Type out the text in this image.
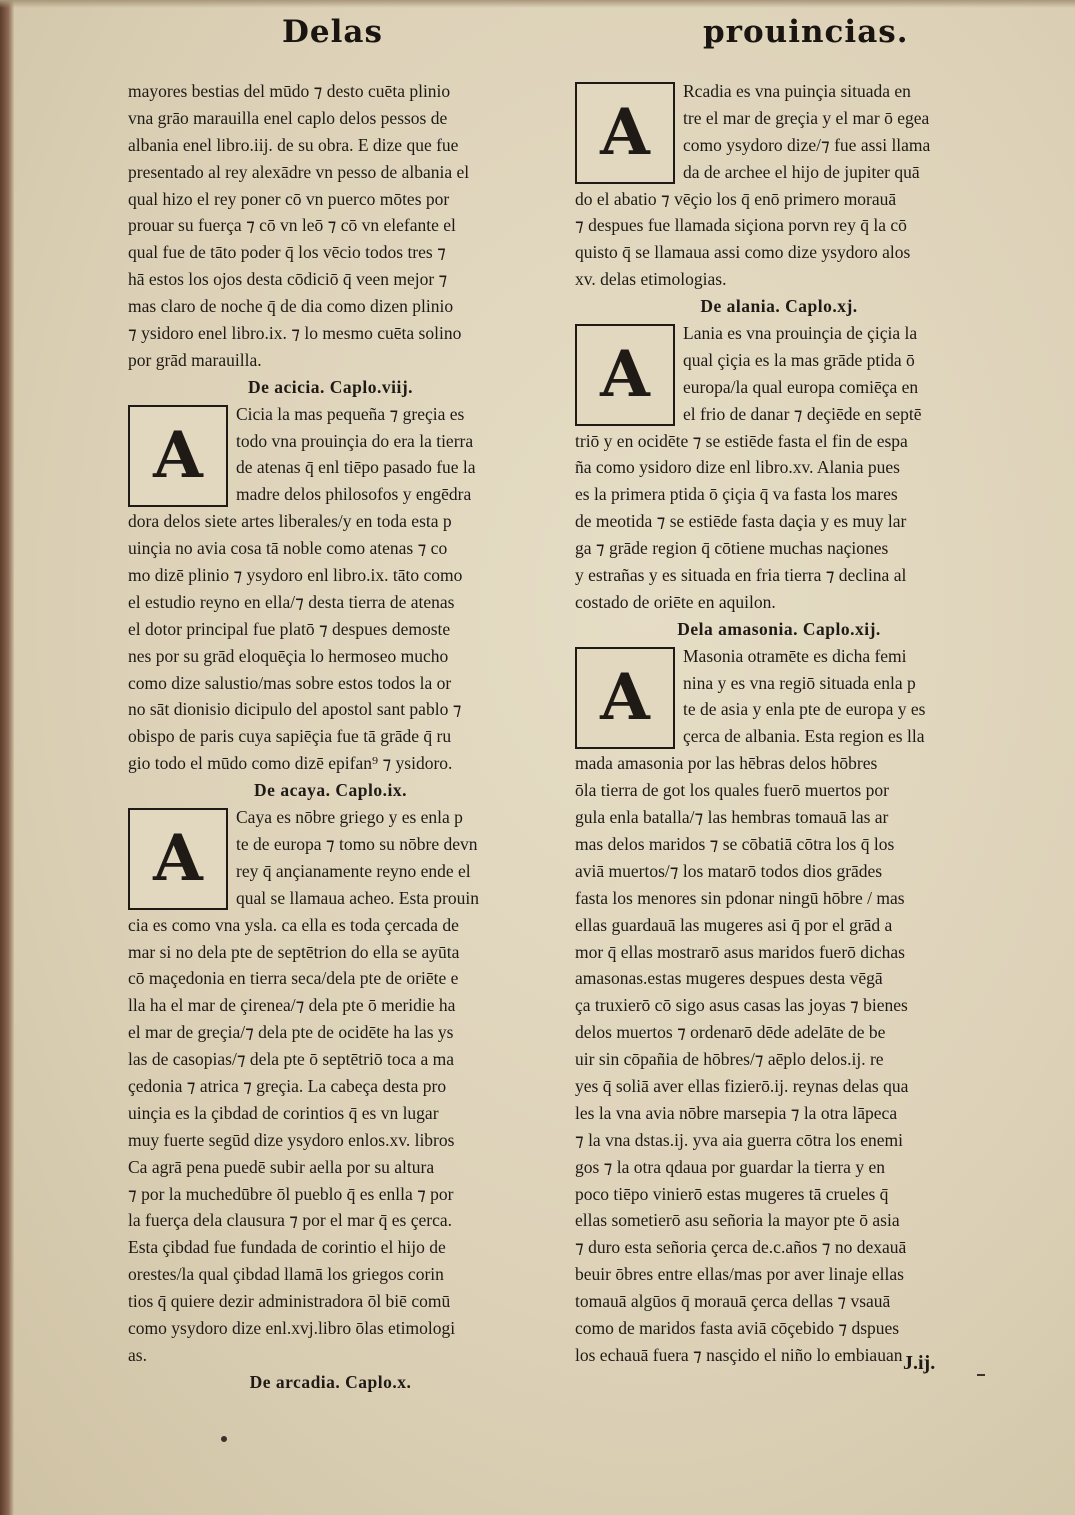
Delas	prouincias.
mayores bestias del mūdo ⁊ desto cuēta plinio
vna grāo marauilla enel caplo delos pessos de
albania enel libro.iij. de su obra. E dize que fue
presentado al rey alexādre vn pesso de albania el
qual hizo el rey poner cō vn puerco mōtes por
prouar su fuerça ⁊ cō vn leō ⁊ cō vn elefante el
qual fue de tāto poder q̄ los vēcio todos tres ⁊
hā estos los ojos desta cōdiciō q̄ veen mejor ⁊
mas claro de noche q̄ de dia como dizen plinio
⁊ ysidoro enel libro.ix. ⁊ lo mesmo cuēta solino
por grād marauilla.
De acicia. Caplo.viij.
A
Cicia la mas pequeña ⁊ greçia es
todo vna prouinçia do era la tierra
de atenas q̄ enl tiēpo pasado fue la
madre delos philosofos y engēdra
dora delos siete artes liberales/y en toda esta p
uinçia no avia cosa tā noble como atenas ⁊ co
mo dizē plinio ⁊ ysydoro enl libro.ix. tāto como
el estudio reyno en ella/⁊ desta tierra de atenas
el dotor principal fue platō ⁊ despues demoste
nes por su grād eloquēçia lo hermoseo mucho
como dize salustio/mas sobre estos todos la or
no sāt dionisio dicipulo del apostol sant pablo ⁊
obispo de paris cuya sapiēçia fue tā grāde q̄ ru
gio todo el mūdo como dizē epifan⁹ ⁊ ysidoro.
De acaya. Caplo.ix.
A
Caya es nōbre griego y es enla p
te de europa ⁊ tomo su nōbre devn
rey q̄ ançianamente reyno ende el
qual se llamaua acheo. Esta prouin
cia es como vna ysla. ca ella es toda çercada de
mar si no dela pte de septētrion do ella se ayūta
cō maçedonia en tierra seca/dela pte de oriēte e
lla ha el mar de çirenea/⁊ dela pte ō meridie ha
el mar de greçia/⁊ dela pte de ocidēte ha las ys
las de casopias/⁊ dela pte ō septētriō toca a ma
çedonia ⁊ atrica ⁊ greçia. La cabeça desta pro
uinçia es la çibdad de corintios q̄ es vn lugar
muy fuerte segūd dize ysydoro enlos.xv. libros
Ca agrā pena puedē subir aella por su altura
⁊ por la muchedūbre ōl pueblo q̄ es enlla ⁊ por
la fuerça dela clausura ⁊ por el mar q̄ es çerca.
Esta çibdad fue fundada de corintio el hijo de
orestes/la qual çibdad llamā los griegos corin
tios q̄ quiere dezir administradora ōl biē comū
como ysydoro dize enl.xvj.libro ōlas etimologi
as.
De arcadia. Caplo.x.
A
Rcadia es vna puinçia situada en
tre el mar de greçia y el mar ō egea
como ysydoro dize/⁊ fue assi llama
da de archee el hijo de jupiter quā
do el abatio ⁊ vēçio los q̄ enō primero morauā
⁊ despues fue llamada siçiona porvn rey q̄ la cō
quisto q̄ se llamaua assi como dize ysydoro alos
xv. delas etimologias.
De alania. Caplo.xj.
A
Lania es vna prouinçia de çiçia la
qual çiçia es la mas grāde ptida ō
europa/la qual europa comiēça en
el frio de danar ⁊ deçiēde en septē
triō y en ocidēte ⁊ se estiēde fasta el fin de espa
ña como ysidoro dize enl libro.xv. Alania pues
es la primera ptida ō çiçia q̄ va fasta los mares
de meotida ⁊ se estiēde fasta daçia y es muy lar
ga ⁊ grāde region q̄ cōtiene muchas naçiones
y estrañas y es situada en fria tierra ⁊ declina al
costado de oriēte en aquilon.
Dela amasonia. Caplo.xij.
A
Masonia otramēte es dicha femi
nina y es vna regiō situada enla p
te de asia y enla pte de europa y es
çerca de albania. Esta region es lla
mada amasonia por las hēbras delos hōbres
ōla tierra de got los quales fuerō muertos por
gula enla batalla/⁊ las hembras tomauā las ar
mas delos maridos ⁊ se cōbatiā cōtra los q̄ los
aviā muertos/⁊ los matarō todos dios grādes
fasta los menores sin pdonar ningū hōbre / mas
ellas guardauā las mugeres asi q̄ por el grād a
mor q̄ ellas mostrarō asus maridos fuerō dichas
amasonas.estas mugeres despues desta vēgā
ça truxierō cō sigo asus casas las joyas ⁊ bienes
delos muertos ⁊ ordenarō dēde adelāte de be
uir sin cōpañia de hōbres/⁊ aēplo delos.ij. re
yes q̄ soliā aver ellas fizierō.ij. reynas delas qua
les la vna avia nōbre marsepia ⁊ la otra lāpeca
⁊ la vna dstas.ij. yva aia guerra cōtra los enemi
gos ⁊ la otra qdaua por guardar la tierra y en
poco tiēpo vinierō estas mugeres tā crueles q̄
ellas sometierō asu señoria la mayor pte ō asia
⁊ duro esta señoria çerca de.c.años ⁊ no dexauā
beuir ōbres entre ellas/mas por aver linaje ellas
tomauā algūos q̄ morauā çerca dellas ⁊ vsauā
como de maridos fasta aviā cōçebido ⁊ dspues
los echauā fuera ⁊ nasçido el niño lo embiauan J.ij.
